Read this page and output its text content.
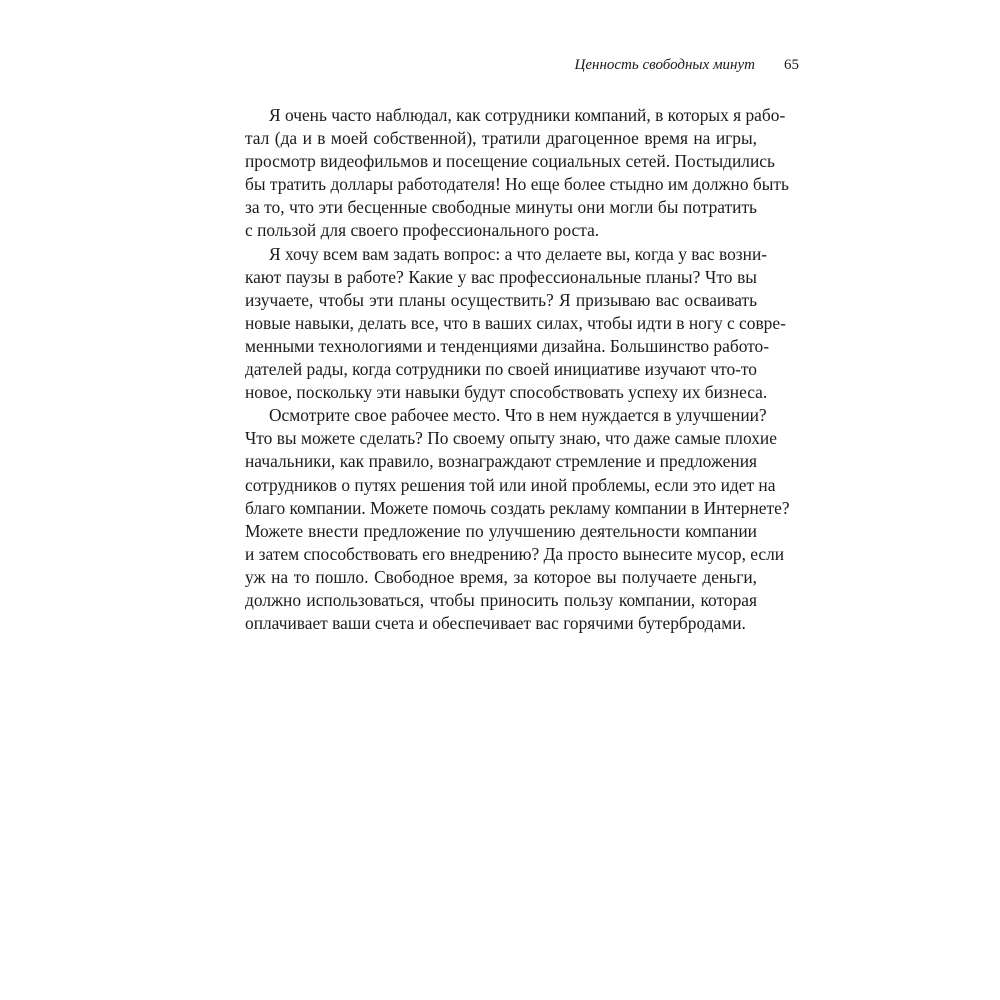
Ценность свободных минут 65
Я очень часто наблюдал, как сотрудники компаний, в которых я рабо-
тал (да и в моей собственной), тратили драгоценное время на игры,
просмотр видеофильмов и посещение социальных сетей. Постыдились
бы тратить доллары работодателя! Но еще более стыдно им должно быть
за то, что эти бесценные свободные минуты они могли бы потратить
с пользой для своего профессионального роста.
Я хочу всем вам задать вопрос: а что делаете вы, когда у вас возни-
кают паузы в работе? Какие у вас профессиональные планы? Что вы
изучаете, чтобы эти планы осуществить? Я призываю вас осваивать
новые навыки, делать все, что в ваших силах, чтобы идти в ногу с совре-
менными технологиями и тенденциями дизайна. Большинство работо-
дателей рады, когда сотрудники по своей инициативе изучают что-то
новое, поскольку эти навыки будут способствовать успеху их бизнеса.
Осмотрите свое рабочее место. Что в нем нуждается в улучшении?
Что вы можете сделать? По своему опыту знаю, что даже самые плохие
начальники, как правило, вознаграждают стремление и предложения
сотрудников о путях решения той или иной проблемы, если это идет на
благо компании. Можете помочь создать рекламу компании в Интернете?
Можете внести предложение по улучшению деятельности компании
и затем способствовать его внедрению? Да просто вынесите мусор, если
уж на то пошло. Свободное время, за которое вы получаете деньги,
должно использоваться, чтобы приносить пользу компании, которая
оплачивает ваши счета и обеспечивает вас горячими бутербродами.
